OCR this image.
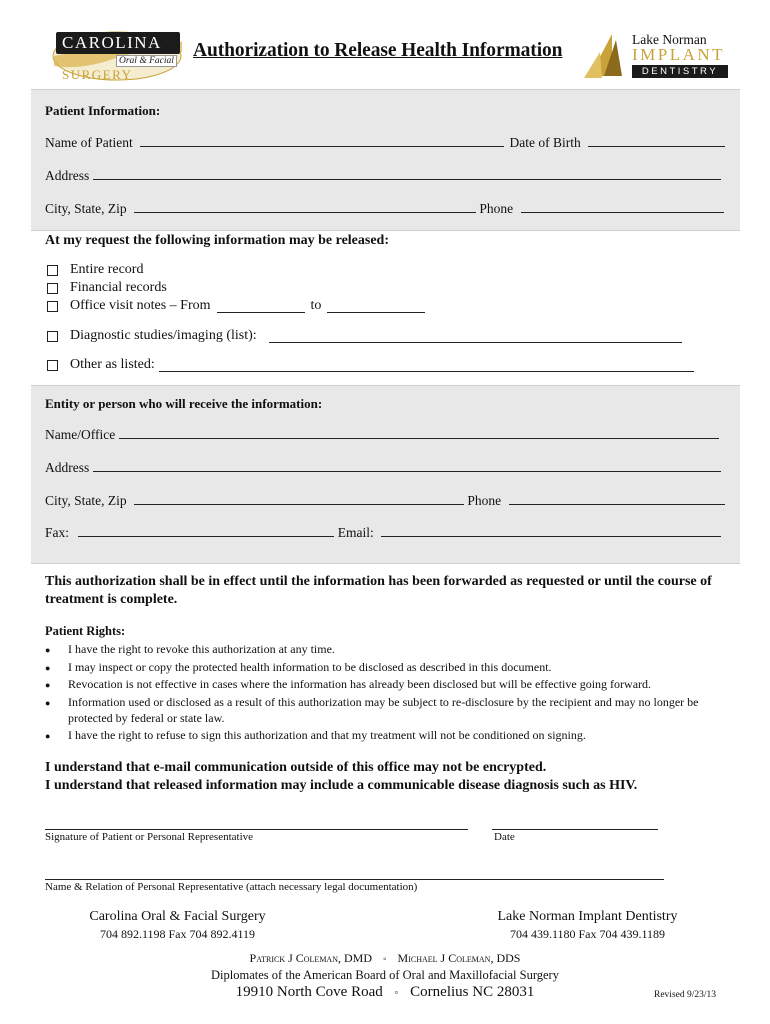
CAROLINA
Oral & Facial
SURGERY
Authorization to Release Health Information
Lake Norman
IMPLANT
DENTISTRY
Patient Information:
Name of Patient	Date of Birth
Address
City, State, Zip	Phone
At my request the following information may be released:
Entire record
Financial records
Office visit notes – From	to
Diagnostic studies/imaging (list):
Other as listed:
Entity or person who will receive the information:
Name/Office
Address
City, State, Zip	Phone
Fax:	Email:
This authorization shall be in effect until the information has been forwarded as requested or until the course of treatment is complete.
Patient Rights:
●	I have the right to revoke this authorization at any time.
●	I may inspect or copy the protected health information to be disclosed as described in this document.
●	Revocation is not effective in cases where the information has already been disclosed but will be effective going forward.
●	Information used or disclosed as a result of this authorization may be subject to re-disclosure by the recipient and may no longer be protected by federal or state law.
●	I have the right to refuse to sign this authorization and that my treatment will not be conditioned on signing.
I understand that e-mail communication outside of this office may not be encrypted.
I understand that released information may include a communicable disease diagnosis such as HIV.
Signature of Patient or Personal Representative	Date
Name & Relation of Personal Representative (attach necessary legal documentation)
Carolina Oral & Facial Surgery
704 892.1198 Fax 704 892.4119
Lake Norman Implant Dentistry
704 439.1180 Fax 704 439.1189
Patrick J Coleman, DMD ◦ Michael J Coleman, DDS
Diplomates of the American Board of Oral and Maxillofacial Surgery
19910 North Cove Road ◦ Cornelius NC 28031	Revised 9/23/13
